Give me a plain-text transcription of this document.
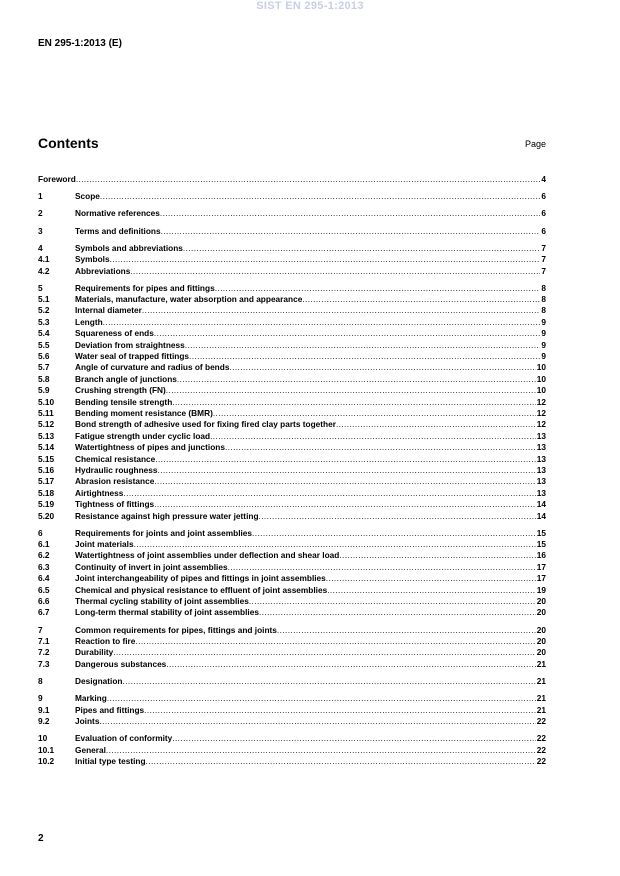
SIST EN 295-1:2013
EN 295-1:2013 (E)
Contents	Page
Foreword .....	4
1	Scope .....	6
2	Normative references .....	6
3	Terms and definitions .....	6
4	Symbols and abbreviations .....	7
4.1	Symbols .....	7
4.2	Abbreviations .....	7
5	Requirements for pipes and fittings .....	8
5.1	Materials, manufacture, water absorption and appearance .....	8
5.2	Internal diameter .....	8
5.3	Length .....	9
5.4	Squareness of ends .....	9
5.5	Deviation from straightness .....	9
5.6	Water seal of trapped fittings .....	9
5.7	Angle of curvature and radius of bends .....	10
5.8	Branch angle of junctions .....	10
5.9	Crushing strength (FN) .....	10
5.10	Bending tensile strength .....	12
5.11	Bending moment resistance (BMR) .....	12
5.12	Bond strength of adhesive used for fixing fired clay parts together .....	12
5.13	Fatigue strength under cyclic load .....	13
5.14	Watertightness of pipes and junctions .....	13
5.15	Chemical resistance .....	13
5.16	Hydraulic roughness .....	13
5.17	Abrasion resistance .....	13
5.18	Airtightness .....	13
5.19	Tightness of fittings .....	14
5.20	Resistance against high pressure water jetting .....	14
6	Requirements for joints and joint assemblies .....	15
6.1	Joint materials .....	15
6.2	Watertightness of joint assemblies under deflection and shear load .....	16
6.3	Continuity of invert in joint assemblies .....	17
6.4	Joint interchangeability of pipes and fittings in joint assemblies .....	17
6.5	Chemical and physical resistance to effluent of joint assemblies .....	19
6.6	Thermal cycling stability of joint assemblies .....	20
6.7	Long-term thermal stability of joint assemblies .....	20
7	Common requirements for pipes, fittings and joints .....	20
7.1	Reaction to fire .....	20
7.2	Durability .....	20
7.3	Dangerous substances .....	21
8	Designation .....	21
9	Marking .....	21
9.1	Pipes and fittings .....	21
9.2	Joints .....	22
10	Evaluation of conformity .....	22
10.1	General .....	22
10.2	Initial type testing .....	22
2
